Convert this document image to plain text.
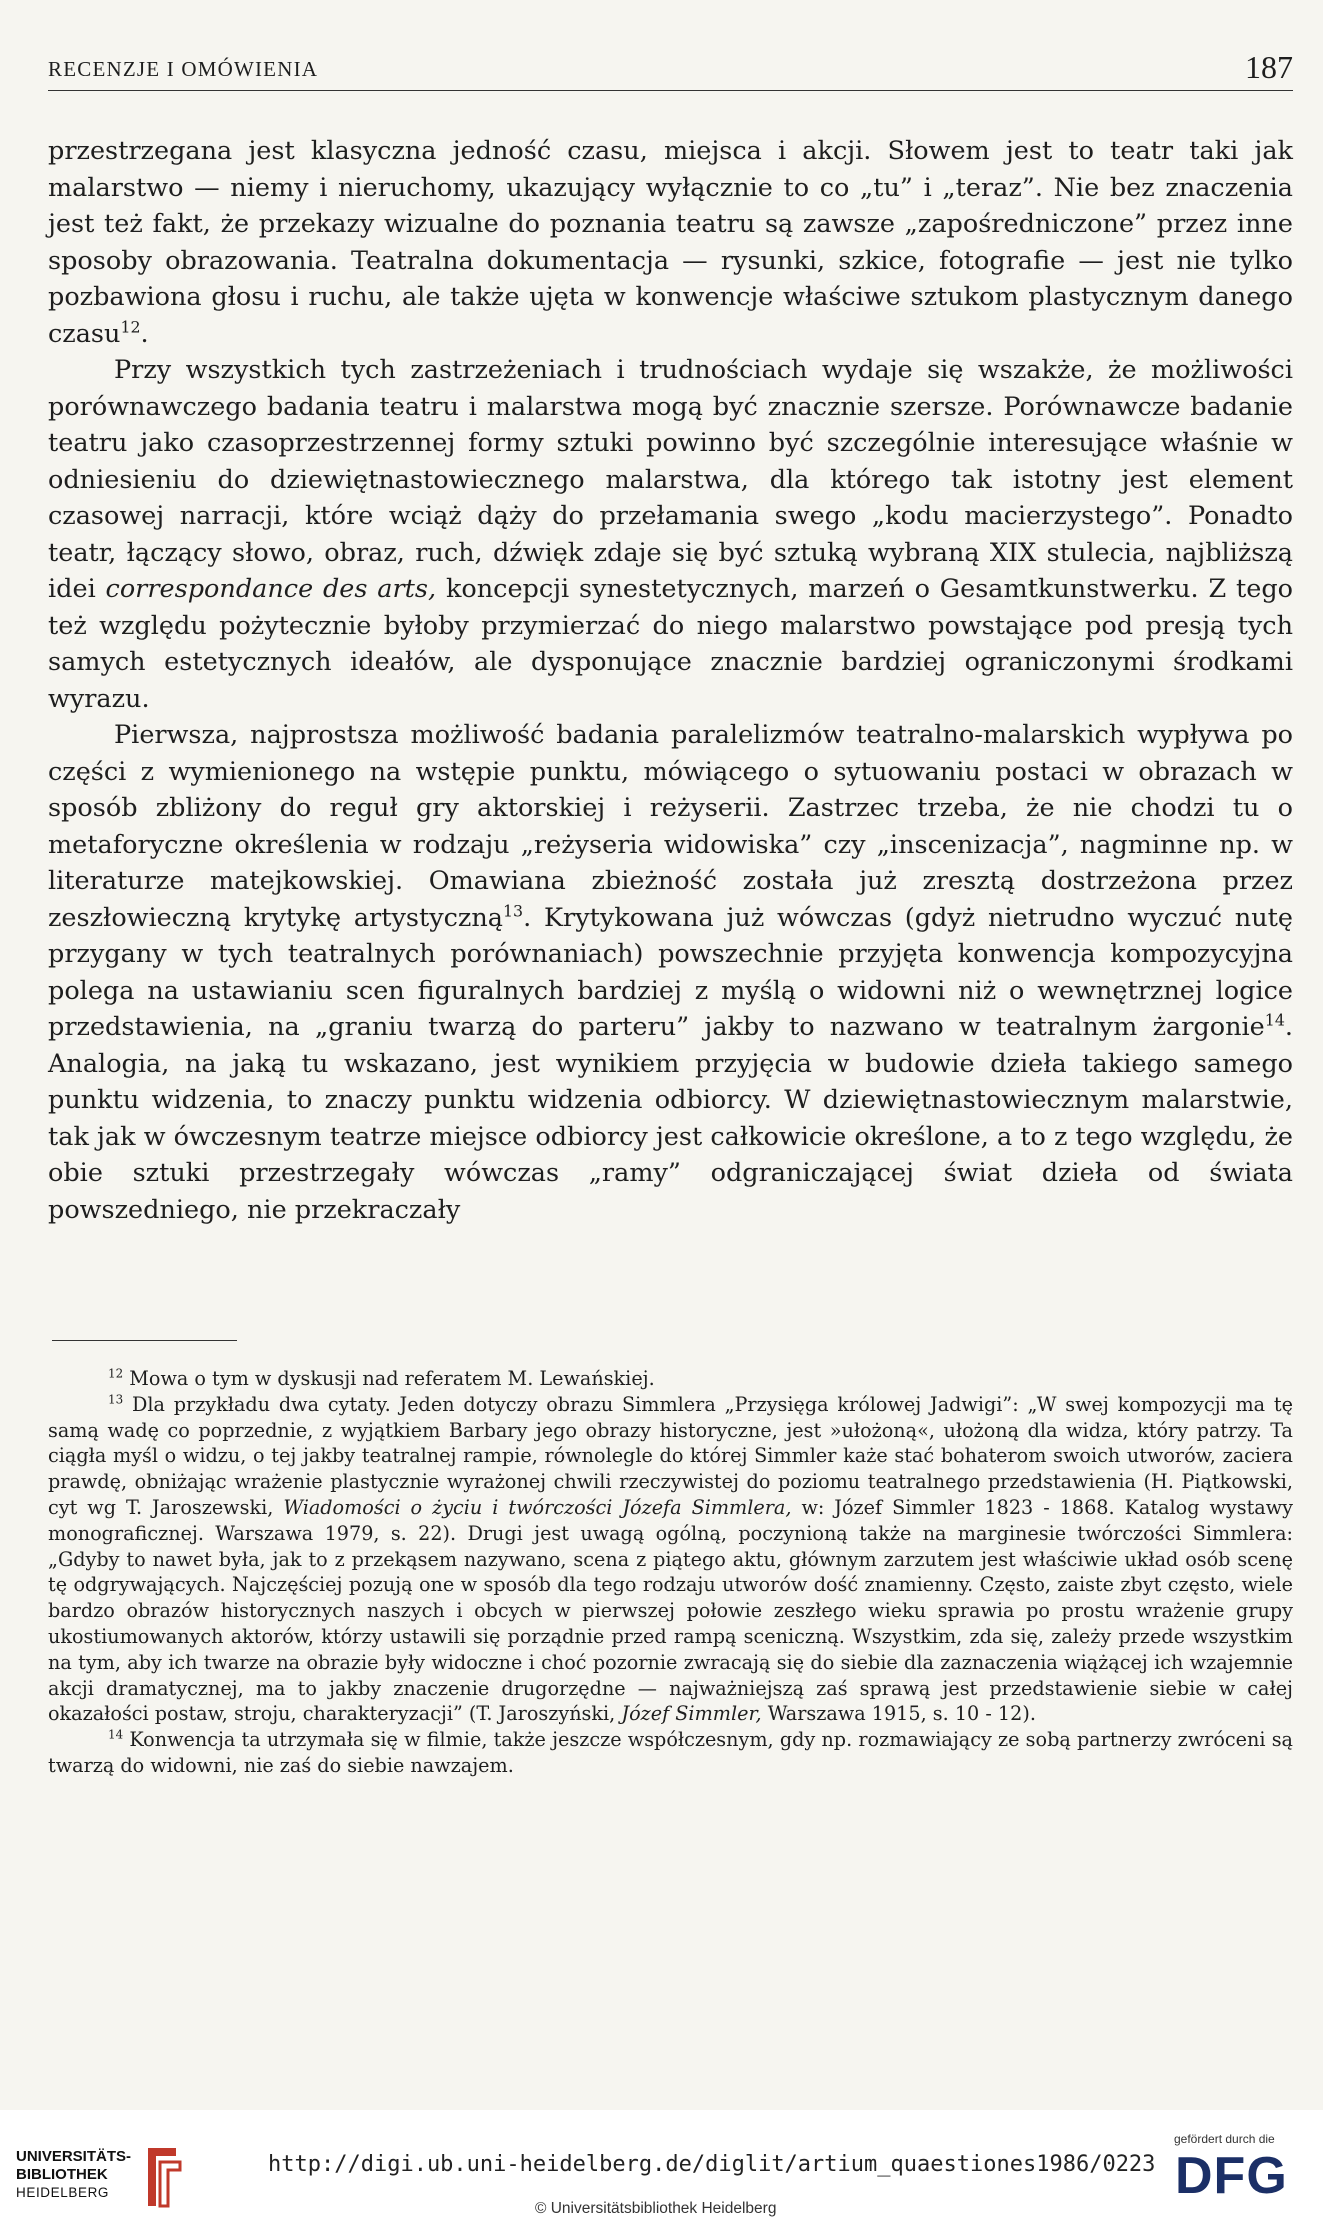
RECENZJE I OMÓWIENIA	187

przestrzegana jest klasyczna jedność czasu, miejsca i akcji. Słowem jest to teatr taki jak malarstwo — niemy i nieruchomy, ukazujący wyłącznie to co „tu” i „teraz”. Nie bez znaczenia jest też fakt, że przekazy wizualne do poznania teatru są zawsze „zapośredniczone” przez inne sposoby obrazowania. Teatralna dokumentacja — rysunki, szkice, fotografie — jest nie tylko pozbawiona głosu i ruchu, ale także ujęta w konwencje właściwe sztukom plastycznym danego czasu$^{12}$.

Przy wszystkich tych zastrzeżeniach i trudnościach wydaje się wszakże, że możliwości porównawczego badania teatru i malarstwa mogą być znacznie szersze. Porównawcze badanie teatru jako czasoprzestrzennej formy sztuki powinno być szczególnie interesujące właśnie w odniesieniu do dziewiętnastowiecznego malarstwa, dla którego tak istotny jest element czasowej narracji, które wciąż dąży do przełamania swego „kodu macierzystego”. Ponadto teatr, łączący słowo, obraz, ruch, dźwięk zdaje się być sztuką wybraną XIX stulecia, najbliższą idei correspondance des arts, koncepcji synestetycznych, marzeń o Gesamtkunstwerku. Z tego też względu pożytecznie byłoby przymierzać do niego malarstwo powstające pod presją tych samych estetycznych ideałów, ale dysponujące znacznie bardziej ograniczonymi środkami wyrazu.

Pierwsza, najprostsza możliwość badania paralelizmów teatralno-malarskich wypływa po części z wymienionego na wstępie punktu, mówiącego o sytuowaniu postaci w obrazach w sposób zbliżony do reguł gry aktorskiej i reżyserii. Zastrzec trzeba, że nie chodzi tu o metaforyczne określenia w rodzaju „reżyseria widowiska” czy „inscenizacja”, nagminne np. w literaturze matejkowskiej. Omawiana zbieżność została już zresztą dostrzeżona przez zeszłowieczną krytykę artystyczną$^{13}$. Krytykowana już wówczas (gdyż nietrudno wyczuć nutę przygany w tych teatralnych porównaniach) powszechnie przyjęta konwencja kompozycyjna polega na ustawianiu scen figuralnych bardziej z myślą o widowni niż o wewnętrznej logice przedstawienia, na „graniu twarzą do parteru” jakby to nazwano w teatralnym żargonie$^{14}$. Analogia, na jaką tu wskazano, jest wynikiem przyjęcia w budowie dzieła takiego samego punktu widzenia, to znaczy punktu widzenia odbiorcy. W dziewiętnastowiecznym malarstwie, tak jak w ówczesnym teatrze miejsce odbiorcy jest całkowicie określone, a to z tego względu, że obie sztuki przestrzegały wówczas „ramy” odgraniczającej świat dzieła od świata powszedniego, nie przekraczały

$^{12}$ Mowa o tym w dyskusji nad referatem M. Lewańskiej.

$^{13}$ Dla przykładu dwa cytaty. Jeden dotyczy obrazu Simmlera „Przysięga królowej Jadwigi”: „W swej kompozycji ma tę samą wadę co poprzednie, z wyjątkiem Barbary jego obrazy historyczne, jest »ułożoną«, ułożoną dla widza, który patrzy. Ta ciągła myśl o widzu, o tej jakby teatralnej rampie, równolegle do której Simmler każe stać bohaterom swoich utworów, zaciera prawdę, obniżając wrażenie plastycznie wyrażonej chwili rzeczywistej do poziomu teatralnego przedstawienia (H. Piątkowski, cyt wg T. Jaroszewski, Wiadomości o życiu i twórczości Józefa Simmlera, w: Józef Simmler 1823 - 1868. Katalog wystawy monograficznej. Warszawa 1979, s. 22). Drugi jest uwagą ogólną, poczynioną także na marginesie twórczości Simmlera: „Gdyby to nawet była, jak to z przekąsem nazywano, scena z piątego aktu, głównym zarzutem jest właściwie układ osób scenę tę odgrywających. Najczęściej pozują one w sposób dla tego rodzaju utworów dość znamienny. Często, zaiste zbyt często, wiele bardzo obrazów historycznych naszych i obcych w pierwszej połowie zeszłego wieku sprawia po prostu wrażenie grupy ukostiumowanych aktorów, którzy ustawili się porządnie przed rampą sceniczną. Wszystkim, zda się, zależy przede wszystkim na tym, aby ich twarze na obrazie były widoczne i choć pozornie zwracają się do siebie dla zaznaczenia wiążącej ich wzajemnie akcji dramatycznej, ma to jakby znaczenie drugorzędne — najważniejszą zaś sprawą jest przedstawienie siebie w całej okazałości postaw, stroju, charakteryzacji” (T. Jaroszyński, Józef Simmler, Warszawa 1915, s. 10 - 12).

$^{14}$ Konwencja ta utrzymała się w filmie, także jeszcze współczesnym, gdy np. rozmawiający ze sobą partnerzy zwróceni są twarzą do widowni, nie zaś do siebie nawzajem.

UNIVERSITÄTS-
BIBLIOTHEK
HEIDELBERG
http://digi.ub.uni-heidelberg.de/diglit/artium_quaestiones1986/0223
© Universitätsbibliothek Heidelberg
gefördert durch die
DFG
